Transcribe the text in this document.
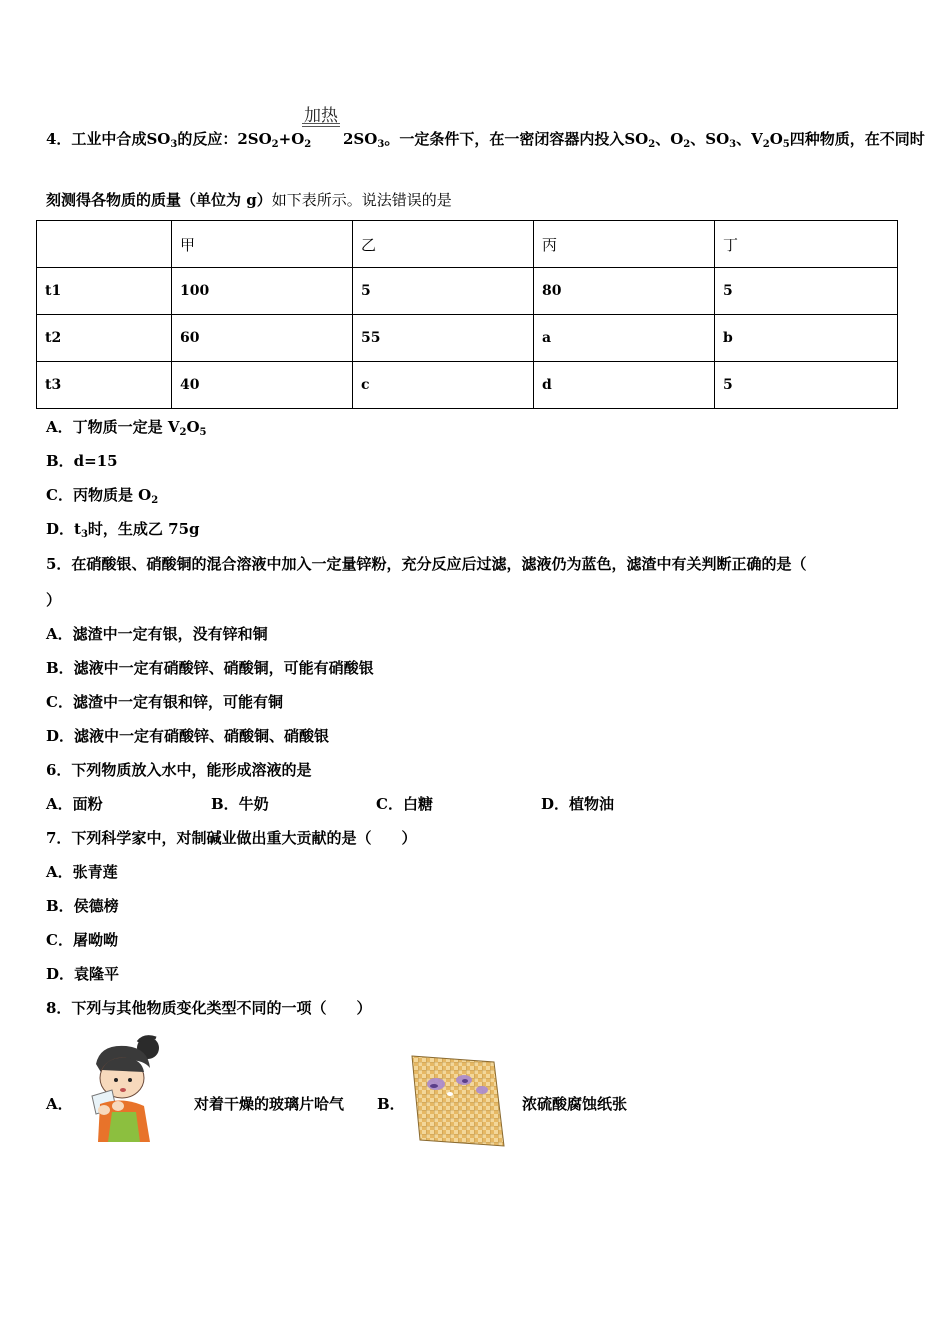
加热
4．工业中合成$SO_3$的反应：$2SO_2+O_2$ $2SO_3$。一定条件下，在一密闭容器内投入$SO_2$、$O_2$、$SO_3$、$V_2O_5$四种物质，在不同时
刻测得各物质的质量（单位为 g）如下表所示。说法错误的是
	甲	乙	丙	丁
t1	100	5	80	5
t2	60	55	a	b
t3	40	c	d	5
A．丁物质一定是 $V_2O_5$
B．d=15
C．丙物质是 $O_2$
D．$t_3$时，生成乙 75g
5．在硝酸银、硝酸铜的混合溶液中加入一定量锌粉，充分反应后过滤，滤液仍为蓝色，滤渣中有关判断正确的是（
）
A．滤渣中一定有银，没有锌和铜
B．滤液中一定有硝酸锌、硝酸铜，可能有硝酸银
C．滤渣中一定有银和锌，可能有铜
D．滤液中一定有硝酸锌、硝酸铜、硝酸银
6．下列物质放入水中，能形成溶液的是
A．面粉	B．牛奶	C．白糖	D．植物油
7．下列科学家中，对制碱业做出重大贡献的是（　　）
A．张青莲
B．侯德榜
C．屠呦呦
D．袁隆平
8．下列与其他物质变化类型不同的一项（　　）
A．	对着干燥的玻璃片哈气 B．	浓硫酸腐蚀纸张
